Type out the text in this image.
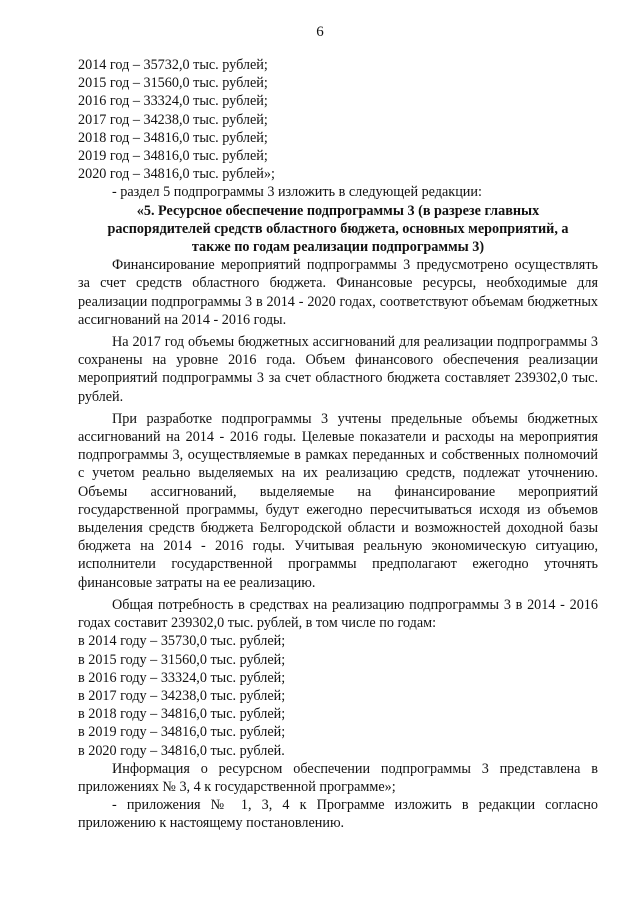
6
2014 год – 35732,0 тыс. рублей;
2015 год – 31560,0 тыс. рублей;
2016 год – 33324,0 тыс. рублей;
2017 год – 34238,0 тыс. рублей;
2018 год – 34816,0 тыс. рублей;
2019 год – 34816,0 тыс. рублей;
2020 год – 34816,0 тыс. рублей»;
- раздел 5 подпрограммы 3 изложить в следующей редакции:
«5. Ресурсное обеспечение подпрограммы 3 (в разрезе главных
распорядителей средств областного бюджета, основных мероприятий, а
также по годам реализации подпрограммы 3)

Финансирование мероприятий подпрограммы 3 предусмотрено осуществлять за счет средств областного бюджета. Финансовые ресурсы, необходимые для реализации подпрограммы 3 в 2014 - 2020 годах, соответствуют объемам бюджетных ассигнований на 2014 - 2016 годы.

На 2017 год объемы бюджетных ассигнований для реализации подпрограммы 3 сохранены на уровне 2016 года. Объем финансового обеспечения реализации мероприятий подпрограммы 3 за счет областного бюджета составляет 239302,0 тыс. рублей.

При разработке подпрограммы 3 учтены предельные объемы бюджетных ассигнований на 2014 - 2016 годы. Целевые показатели и расходы на мероприятия подпрограммы 3, осуществляемые в рамках переданных и собственных полномочий с учетом реально выделяемых на их реализацию средств, подлежат уточнению. Объемы ассигнований, выделяемые на финансирование мероприятий государственной программы, будут ежегодно пересчитываться исходя из объемов выделения средств бюджета Белгородской области и возможностей доходной базы бюджета на 2014 - 2016 годы. Учитывая реальную экономическую ситуацию, исполнители государственной программы предполагают ежегодно уточнять финансовые затраты на ее реализацию.

Общая потребность в средствах на реализацию подпрограммы 3 в 2014 - 2016 годах составит 239302,0 тыс. рублей, в том числе по годам:

в 2014 году – 35730,0 тыс. рублей;
в 2015 году – 31560,0 тыс. рублей;
в 2016 году – 33324,0 тыс. рублей;
в 2017 году – 34238,0 тыс. рублей;
в 2018 году – 34816,0 тыс. рублей;
в 2019 году – 34816,0 тыс. рублей;
в 2020 году – 34816,0 тыс. рублей.

Информация о ресурсном обеспечении подпрограммы 3 представлена в приложениях № 3, 4 к государственной программе»;

- приложения № 1, 3, 4 к Программе изложить в редакции согласно приложению к настоящему постановлению.
